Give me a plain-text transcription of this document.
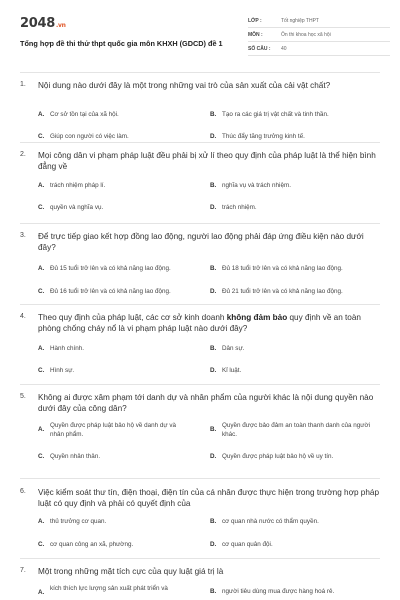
2048.vn
Tổng hợp đề thi thử thpt quốc gia môn KHXH (GDCD) đề 1
LỚP :	Tốt nghiệp THPT
MÔN :	Ôn thi khoa học xã hội
SỐ CÂU :	40
1.	Nội dung nào dưới đây là một trong những vai trò của sản xuất của cải vật chất?
A. Cơ sở tồn tại của xã hội.	B. Tạo ra các giá trị vật chất và tinh thần.
C. Giúp con người có việc làm.	D. Thúc đẩy tăng trưởng kinh tế.
2.	Mọi công dân vi phạm pháp luật đều phải bị xử lí theo quy định của pháp luật là thể hiện bình đẳng về
A. trách nhiệm pháp lí.	B. nghĩa vụ và trách nhiệm.
C. quyền và nghĩa vụ.	D. trách nhiệm.
3.	Để trực tiếp giao kết hợp đồng lao động, người lao động phải đáp ứng điều kiện nào dưới đây?
A. Đủ 15 tuổi trở lên và có khả năng lao động.	B. Đủ 18 tuổi trở lên và có khả năng lao động.
C. Đủ 16 tuổi trở lên và có khả năng lao động.	D. Đủ 21 tuổi trở lên và có khả năng lao động.
4.	Theo quy định của pháp luật, các cơ sở kinh doanh không đảm bảo quy định về an toàn phòng chống cháy nổ là vi phạm pháp luật nào dưới đây?
A. Hành chính.	B. Dân sự.
C. Hình sự.	D. Kỉ luật.
5.	Không ai được xâm phạm tới danh dự và nhân phẩm của người khác là nội dung quyền nào dưới đây của công dân?
A.
Quyền được pháp luật bảo hộ về danh dự và nhân phẩm.
B.
Quyền được bảo đảm an toàn thanh danh của người khác.
C. Quyền nhân thân.	D. Quyền được pháp luật bảo hộ về uy tín.
6.	Việc kiểm soát thư tín, điện thoại, điện tín của cá nhân được thực hiện trong trường hợp pháp luật có quy định và phải có quyết định của
A. thủ trưởng cơ quan.	B. cơ quan nhà nước có thẩm quyền.
C. cơ quan công an xã, phường.	D. cơ quan quân đội.
7.	Một trong những mặt tích cực của quy luật giá trị là
A.
kích thích lực lượng sản xuất phát triển và	B. người tiêu dùng mua được hàng hoá rẻ.
